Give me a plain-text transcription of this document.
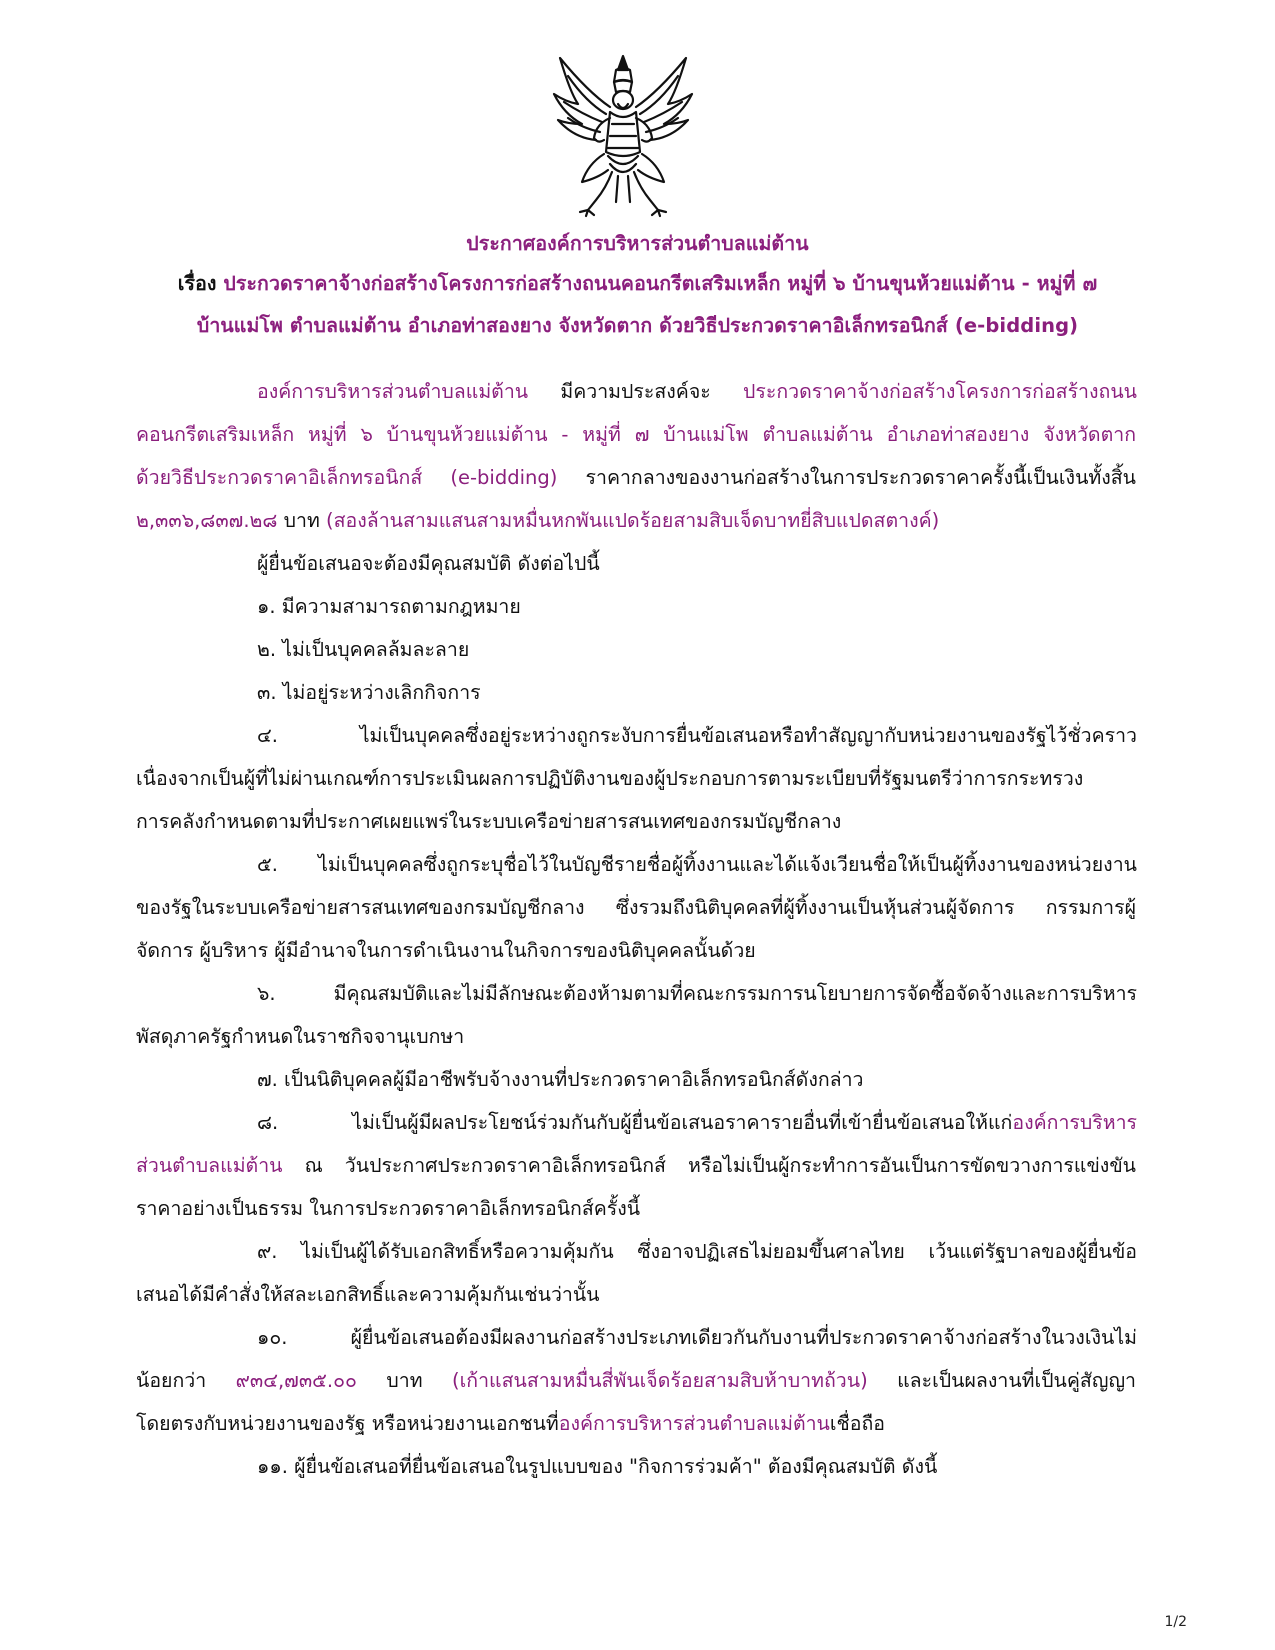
ประกาศองค์การบริหารส่วนตำบลแม่ต้าน
เรื่อง ประกวดราคาจ้างก่อสร้างโครงการก่อสร้างถนนคอนกรีตเสริมเหล็ก หมู่ที่ ๖ บ้านขุนห้วยแม่ต้าน - หมู่ที่ ๗
บ้านแม่โพ ตำบลแม่ต้าน อำเภอท่าสองยาง จังหวัดตาก ด้วยวิธีประกวดราคาอิเล็กทรอนิกส์ (e-bidding)
องค์การบริหารส่วนตำบลแม่ต้าน มีความประสงค์จะ ประกวดราคาจ้างก่อสร้างโครงการก่อสร้างถนน
คอนกรีตเสริมเหล็ก หมู่ที่ ๖ บ้านขุนห้วยแม่ต้าน - หมู่ที่ ๗ บ้านแม่โพ ตำบลแม่ต้าน อำเภอท่าสองยาง จังหวัดตาก
ด้วยวิธีประกวดราคาอิเล็กทรอนิกส์ (e-bidding) ราคากลางของงานก่อสร้างในการประกวดราคาครั้งนี้เป็นเงินทั้งสิ้น
๒,๓๓๖,๘๓๗.๒๘ บาท (สองล้านสามแสนสามหมื่นหกพันแปดร้อยสามสิบเจ็ดบาทยี่สิบแปดสตางค์)
ผู้ยื่นข้อเสนอจะต้องมีคุณสมบัติ ดังต่อไปนี้
๑. มีความสามารถตามกฎหมาย
๒. ไม่เป็นบุคคลล้มละลาย
๓. ไม่อยู่ระหว่างเลิกกิจการ
๔. ไม่เป็นบุคคลซึ่งอยู่ระหว่างถูกระงับการยื่นข้อเสนอหรือทำสัญญากับหน่วยงานของรัฐไว้ชั่วคราว
เนื่องจากเป็นผู้ที่ไม่ผ่านเกณฑ์การประเมินผลการปฏิบัติงานของผู้ประกอบการตามระเบียบที่รัฐมนตรีว่าการกระทรวง
การคลังกำหนดตามที่ประกาศเผยแพร่ในระบบเครือข่ายสารสนเทศของกรมบัญชีกลาง
๕. ไม่เป็นบุคคลซึ่งถูกระบุชื่อไว้ในบัญชีรายชื่อผู้ทิ้งงานและได้แจ้งเวียนชื่อให้เป็นผู้ทิ้งงานของหน่วยงาน
ของรัฐในระบบเครือข่ายสารสนเทศของกรมบัญชีกลาง ซึ่งรวมถึงนิติบุคคลที่ผู้ทิ้งงานเป็นหุ้นส่วนผู้จัดการ กรรมการผู้
จัดการ ผู้บริหาร ผู้มีอำนาจในการดำเนินงานในกิจการของนิติบุคคลนั้นด้วย
๖. มีคุณสมบัติและไม่มีลักษณะต้องห้ามตามที่คณะกรรมการนโยบายการจัดซื้อจัดจ้างและการบริหาร
พัสดุภาครัฐกำหนดในราชกิจจานุเบกษา
๗. เป็นนิติบุคคลผู้มีอาชีพรับจ้างงานที่ประกวดราคาอิเล็กทรอนิกส์ดังกล่าว
๘. ไม่เป็นผู้มีผลประโยชน์ร่วมกันกับผู้ยื่นข้อเสนอราคารายอื่นที่เข้ายื่นข้อเสนอให้แก่องค์การบริหาร
ส่วนตำบลแม่ต้าน ณ วันประกาศประกวดราคาอิเล็กทรอนิกส์ หรือไม่เป็นผู้กระทำการอันเป็นการขัดขวางการแข่งขัน
ราคาอย่างเป็นธรรม ในการประกวดราคาอิเล็กทรอนิกส์ครั้งนี้
๙. ไม่เป็นผู้ได้รับเอกสิทธิ์หรือความคุ้มกัน ซึ่งอาจปฏิเสธไม่ยอมขึ้นศาลไทย เว้นแต่รัฐบาลของผู้ยื่นข้อ
เสนอได้มีคำสั่งให้สละเอกสิทธิ์และความคุ้มกันเช่นว่านั้น
๑๐. ผู้ยื่นข้อเสนอต้องมีผลงานก่อสร้างประเภทเดียวกันกับงานที่ประกวดราคาจ้างก่อสร้างในวงเงินไม่
น้อยกว่า ๙๓๔,๗๓๕.๐๐ บาท (เก้าแสนสามหมื่นสี่พันเจ็ดร้อยสามสิบห้าบาทถ้วน) และเป็นผลงานที่เป็นคู่สัญญา
โดยตรงกับหน่วยงานของรัฐ หรือหน่วยงานเอกชนที่องค์การบริหารส่วนตำบลแม่ต้านเชื่อถือ
๑๑. ผู้ยื่นข้อเสนอที่ยื่นข้อเสนอในรูปแบบของ "กิจการร่วมค้า" ต้องมีคุณสมบัติ ดังนี้
1/2
